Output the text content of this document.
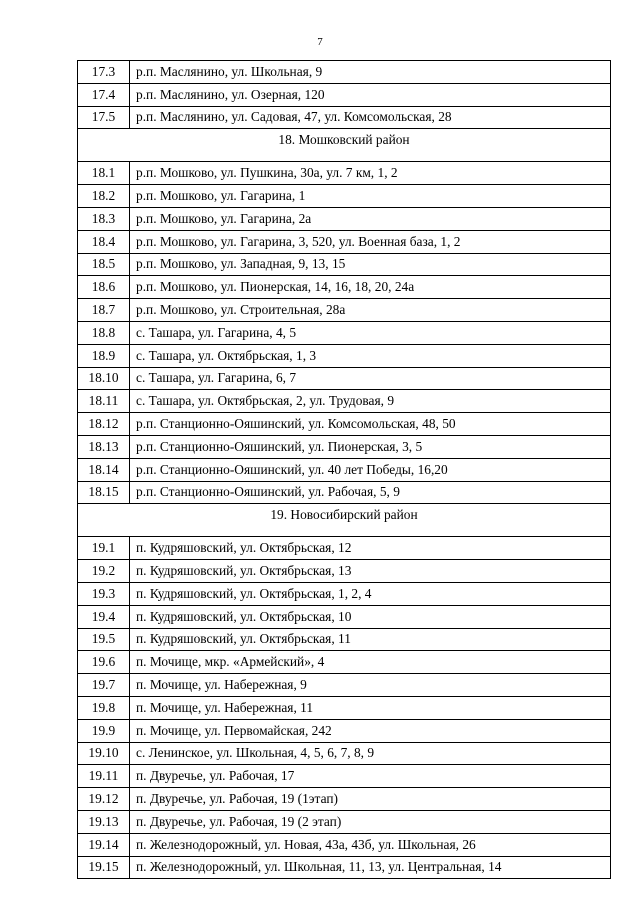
7
17.3	р.п. Маслянино, ул. Школьная, 9
17.4	р.п. Маслянино, ул. Озерная, 120
17.5	р.п. Маслянино, ул. Садовая, 47, ул. Комсомольская, 28
18. Мошковский район	
18.1	р.п. Мошково, ул. Пушкина, 30а, ул. 7 км, 1, 2
18.2	р.п. Мошково, ул. Гагарина, 1
18.3	р.п. Мошково, ул. Гагарина, 2а
18.4	р.п. Мошково, ул. Гагарина, 3, 520, ул. Военная база, 1, 2
18.5	р.п. Мошково, ул. Западная, 9, 13, 15
18.6	р.п. Мошково, ул. Пионерская, 14, 16, 18, 20, 24а
18.7	р.п. Мошково, ул. Строительная, 28а
18.8	с. Ташара, ул. Гагарина, 4, 5
18.9	с. Ташара, ул. Октябрьская, 1, 3
18.10	с. Ташара, ул. Гагарина, 6, 7
18.11	с. Ташара, ул. Октябрьская, 2, ул. Трудовая, 9
18.12	р.п. Станционно-Ояшинский, ул. Комсомольская, 48, 50
18.13	р.п. Станционно-Ояшинский, ул. Пионерская, 3, 5
18.14	р.п. Станционно-Ояшинский, ул. 40 лет Победы, 16,20
18.15	р.п. Станционно-Ояшинский, ул. Рабочая, 5, 9
19. Новосибирский район	
19.1	п. Кудряшовский, ул. Октябрьская, 12
19.2	п. Кудряшовский, ул. Октябрьская, 13
19.3	п. Кудряшовский, ул. Октябрьская, 1, 2, 4
19.4	п. Кудряшовский, ул. Октябрьская, 10
19.5	п. Кудряшовский, ул. Октябрьская, 11
19.6	п. Мочище, мкр. «Армейский», 4
19.7	п. Мочище, ул. Набережная, 9
19.8	п. Мочище, ул. Набережная, 11
19.9	п. Мочище, ул. Первомайская, 242
19.10	с. Ленинское, ул. Школьная, 4, 5, 6, 7, 8, 9
19.11	п. Двуречье, ул. Рабочая, 17
19.12	п. Двуречье, ул. Рабочая, 19 (1этап)
19.13	п. Двуречье, ул. Рабочая, 19 (2 этап)
19.14	п. Железнодорожный, ул. Новая, 43а, 43б, ул. Школьная, 26
19.15	п. Железнодорожный, ул. Школьная, 11, 13, ул. Центральная, 14
